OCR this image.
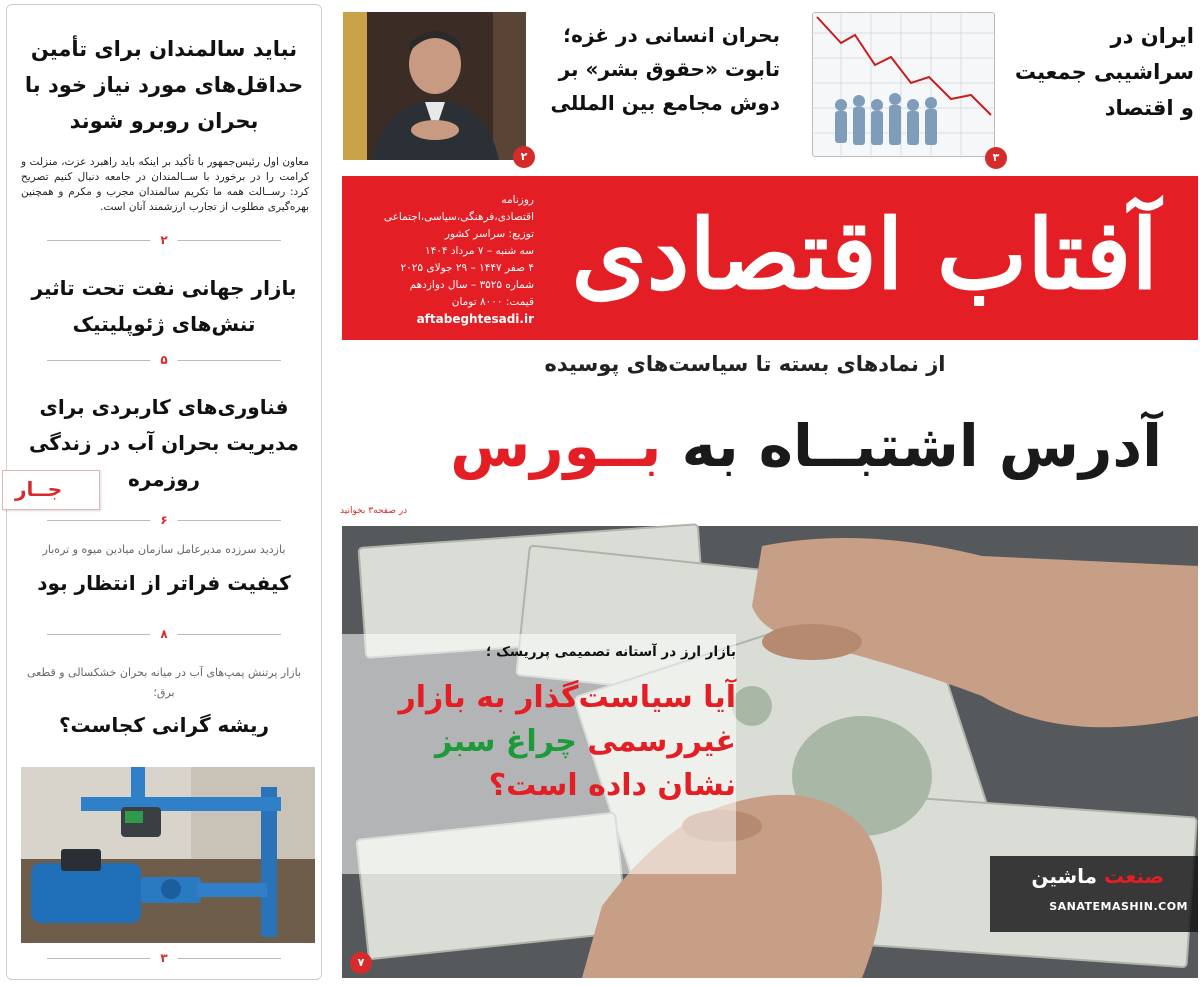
نباید سالمندان برای تأمین حداقل‌های مورد نیاز خود با بحران روبرو شوند
معاون اول رئیس‌جمهور با تأکید بر اینکه باید راهبرد عزت، منزلت و کرامت را در برخورد با ســالمندان در جامعه دنبال کنیم تصریح کرد: رســالت همه ما تکریم سالمندان مجرب و مکرم و همچنین بهره‌گیری مطلوب از تجارب ارزشمند آنان است.
۲
بازار جهانی نفت تحت تاثیر تنش‌های ژئوپلیتیک
۵
فناوری‌های کاربردی برای مدیریت بحران آب در زندگی روزمره
۶
بازدید سرزده مدیرعامل سازمان میادین میوه و تره‌بار
کیفیت فراتر از انتظار بود
۸
بازار پرتنش پمپ‌های آب در میانه بحران خشکسالی و قطعی برق؛
ریشه گرانی کجاست؟
۳
جــار
۲
بحران انسانی در غزه؛ تابوت «حقوق بشر» بر دوش مجامع بین المللی
۳
ایران در سراشیبی جمعیت و اقتصاد
آفتاب اقتصادی
روزنامه اقتصادی،فرهنگی،سیاسی،اجتماعی
توزیع: سراسر کشور
سه شنبه – ۷ مرداد ۱۴۰۴
۴ صفر ۱۴۴۷ – ۲۹ جولای ۲۰۲۵
شماره ۳۵۲۵ – سال دوازدهم
قیمت: ۸۰۰۰ تومان
aftabeghtesadi.ir
از نمادهای بسته تا سیاست‌های پوسیده
آدرس اشتبــاه به بــورس
در صفحه۳ بخوانید
بازار ارز در آستانه تصمیمی پرریسک ؛
آیا سیاست‌گذار به بازار
غیررسمی چراغ سبز
نشان داده است؟
۷
صنعت ماشین
SANATEMASHIN.COM
